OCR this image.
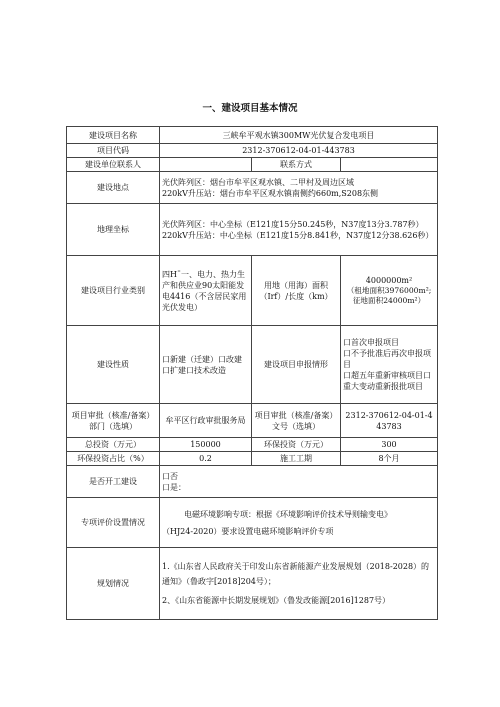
一、建设项目基本情况
建设项目名称	三峡牟平观水镇300MW光伏复合发电项目		
项目代码	2312-370612-04-01-443783		
建设单位联系人		联系方式	
建设地点	光伏阵列区：烟台市牟平区观水镇、二甲村及周边区域
220kV升压站：烟台市牟平区观水镇南侧约660m,S208东侧		

地理坐标	光伏阵列区：中心坐标（E121度15分50.245秒，N37度13分3.787秒）
220kV升压站：中心坐标（E121度15分8.841秒，N37度12分38.626秒）		

建设项目行业类别	四H¨一、电力、热力生产和供应业90太阳能发电4416（不含居民家用光伏发电）	用地（用海）面积（Irf）/长度（km）	4000000m²
（租地面积3976000m²;征地面积24000m²）

建设性质	口新建（迁建）口改建口扩建口技术改造	建设项目申报情形	口首次申报项目
口不予批准后再次申报项目
口超五年重新审核项目口重大变动重新报批项目

项目审批（核准/备案）部门（选填）	牟平区行政审批服务局	项目审批（核准/备案）文号（选填）	2312-370612-04-01-443783
总投资（万元）	150000	环保投资（万元）	300
环保投资占比（%）	0.2	施工工期	8个月
是否开工建设	口否
口是：		

专项评价设置情况	电磁环境影响专项：根据《环境影响评价技术导则输变电》
（HJ24-2020）要求设置电磁环境影响评价专项		

规划情况	1.《山东省人民政府关于印发山东省新能源产业发展规划（2018-2028）的通知》（鲁政字[2018]204号）；
2、《山东省能源中长期发展规划》（鲁发改能源[2016]1287号）		
